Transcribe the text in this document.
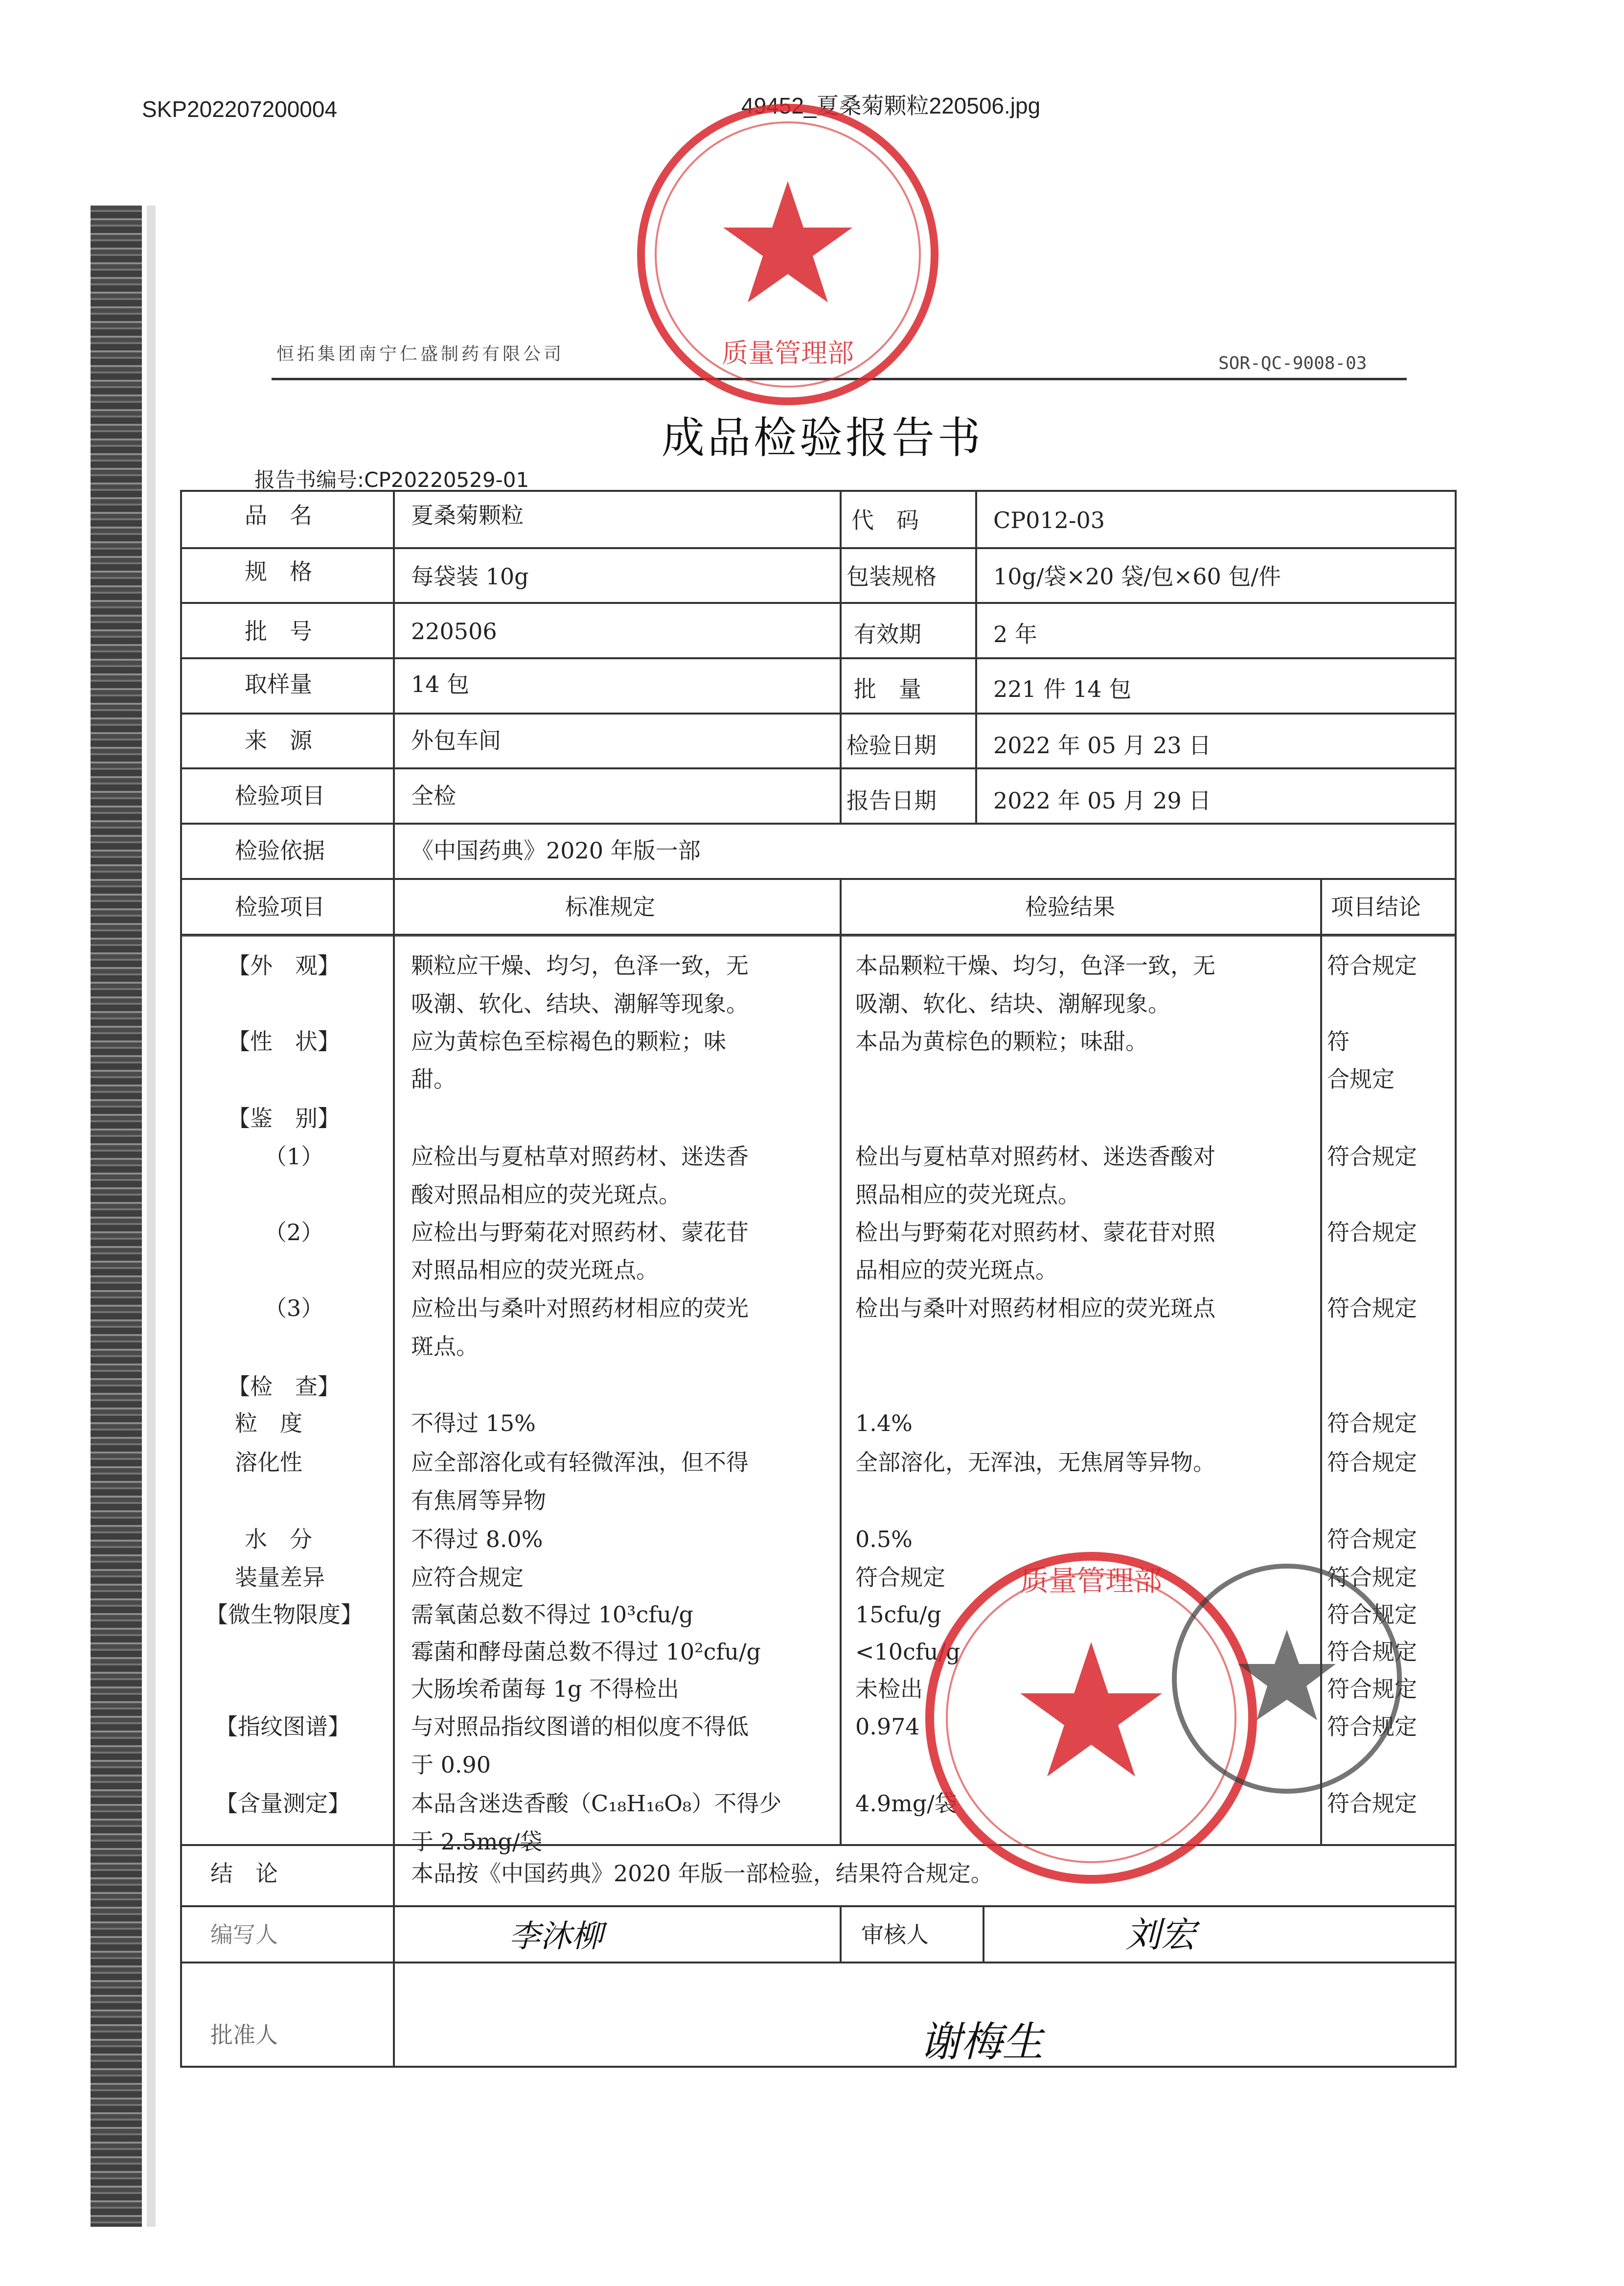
SKP202207200004	49452_夏桑菊颗粒220506.jpg
恒拓集团南宁仁盛制药有限公司	SOR-QC-9008-03
成品检验报告书
报告书编号:CP20220529-01
品　名	夏桑菊颗粒	代　码	CP012-03
规　格	每袋装 10g	包装规格	10g/袋×20 袋/包×60 包/件
批　号	220506	有效期	2 年
取样量	14 包	批　量	221 件 14 包
来　源	外包车间	检验日期	2022 年 05 月 23 日
检验项目	全检	报告日期	2022 年 05 月 29 日
检验依据	《中国药典》2020 年版一部
检验项目	标准规定	检验结果	项目结论
【外　观】	颗粒应干燥、均匀，色泽一致，无	本品颗粒干燥、均匀，色泽一致，无	符合规定
吸潮、软化、结块、潮解等现象。	吸潮、软化、结块、潮解现象。
【性　状】	应为黄棕色至棕褐色的颗粒；味	本品为黄棕色的颗粒；味甜。	符
甜。	合规定
【鉴　别】
（1）	应检出与夏枯草对照药材、迷迭香	检出与夏枯草对照药材、迷迭香酸对	符合规定
酸对照品相应的荧光斑点。	照品相应的荧光斑点。
（2）	应检出与野菊花对照药材、蒙花苷	检出与野菊花对照药材、蒙花苷对照	符合规定
对照品相应的荧光斑点。	品相应的荧光斑点。
（3）	应检出与桑叶对照药材相应的荧光	检出与桑叶对照药材相应的荧光斑点	符合规定
斑点。
【检　查】
粒　度	不得过 15%	1.4%	符合规定
溶化性	应全部溶化或有轻微浑浊，但不得	全部溶化，无浑浊，无焦屑等异物。	符合规定
有焦屑等异物
水　分	不得过 8.0%	0.5%	符合规定
装量差异	应符合规定	符合规定	符合规定
【微生物限度】 需氧菌总数不得过 10³cfu/g	15cfu/g	符合规定
霉菌和酵母菌总数不得过 10²cfu/g	<10cfu/g	符合规定
大肠埃希菌每 1g 不得检出	未检出	符合规定
【指纹图谱】	与对照品指纹图谱的相似度不得低	0.974	符合规定
于 0.90
【含量测定】	本品含迷迭香酸（C₁₈H₁₆O₈）不得少	4.9mg/袋	符合规定
于 2.5mg/袋
结　论	本品按《中国药典》2020 年版一部检验，结果符合规定。
编写人	李沐柳	审核人	刘宏
批准人	谢梅生
质量管理部
质量管理部
